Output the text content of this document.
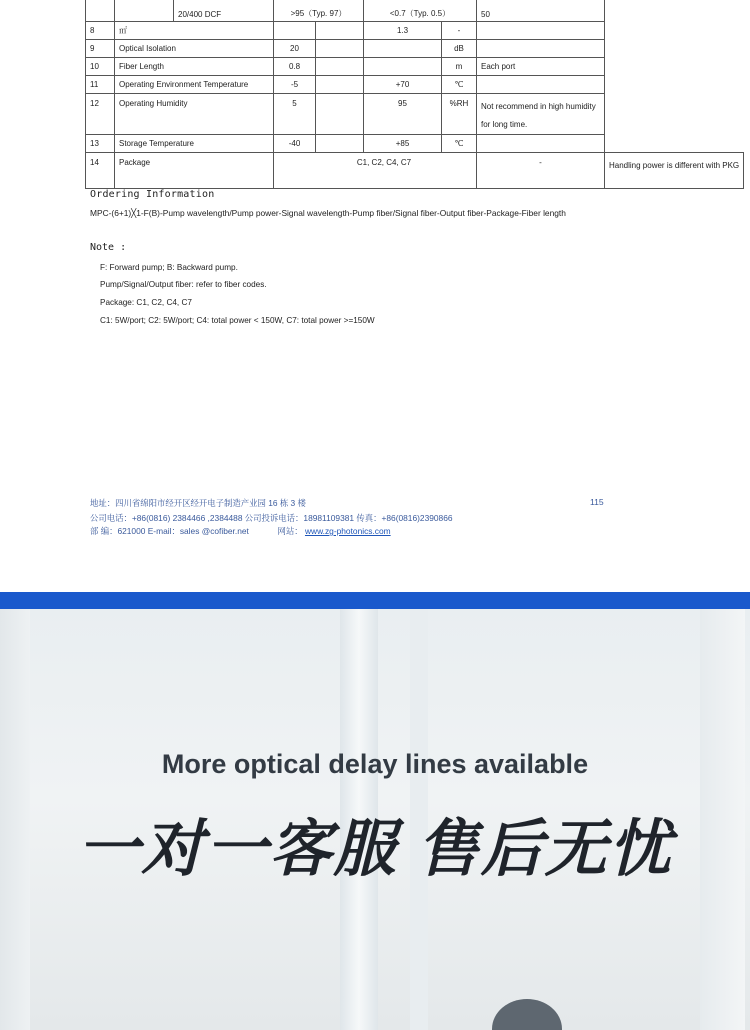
		20/400 DCF	>95（Typ. 97）		<0.7（Typ. 0.5）		50	
8	㎡				1.3	-		
9	Optical Isolation		20			dB		
10	Fiber Length		0.8			m	Each port	
11	Operating Environment Temperature		-5		+70	℃		
12	Operating Humidity		5		95	%RH	Not recommend in high humidity for long time.	
13	Storage Temperature		-40		+85	℃		
14	Package		C1, C2, C4, C7				-	Handling power is different with PKG
Ordering Information
MPC-(6+1)╳1-F(B)-Pump wavelength/Pump power-Signal wavelength-Pump fiber/Signal fiber-Output fiber-Package-Fiber length
Note :
F: Forward pump; B: Backward pump.
Pump/Signal/Output fiber: refer to fiber codes.
Package: C1, C2, C4, C7
C1: 5W/port; C2: 5W/port; C4: total power < 150W, C7: total power >=150W
地址：四川省绵阳市经开区经开电子制造产业园 16 栋 3 楼	115
公司电话：+86(0816) 2384466 ,2384488 公司投诉电话：18981109381 传真：+86(0816)2390866
部 编：621000 E-mail：sales @cofiber.net	网站： www.zg-photonics.com
More optical delay lines available
一对一客服 售后无忧
